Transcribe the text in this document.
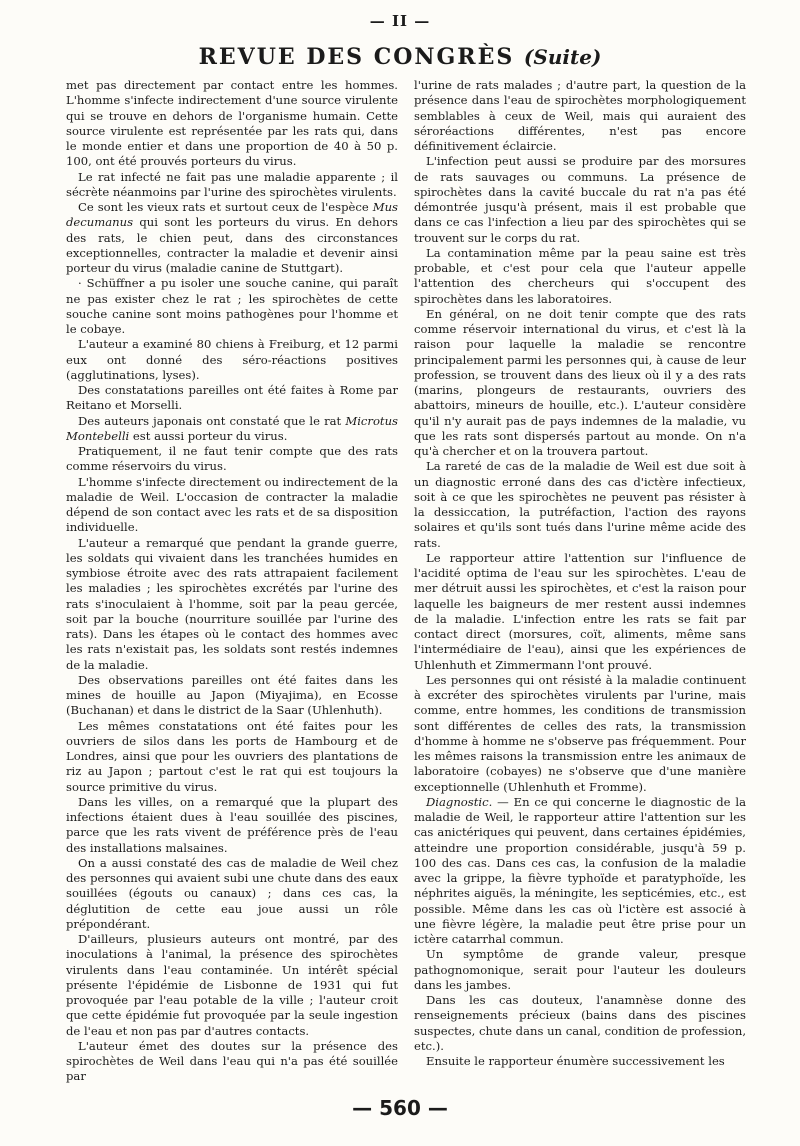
— II —
REVUE DES CONGRÈS (Suite)

met pas directement par contact entre les hommes. L'homme s'infecte indirectement d'une source virulente qui se trouve en dehors de l'organisme humain. Cette source virulente est représentée par les rats qui, dans le monde entier et dans une proportion de 40 à 50 p. 100, ont été prouvés porteurs du virus.

Le rat infecté ne fait pas une maladie apparente ; il sécrète néanmoins par l'urine des spirochètes virulents.

Ce sont les vieux rats et surtout ceux de l'espèce Mus decumanus qui sont les porteurs du virus. En dehors des rats, le chien peut, dans des circonstances exceptionnelles, contracter la maladie et devenir ainsi porteur du virus (maladie canine de Stuttgart).

· Schüffner a pu isoler une souche canine, qui paraît ne pas exister chez le rat ; les spirochètes de cette souche canine sont moins pathogènes pour l'homme et le cobaye.

L'auteur a examiné 80 chiens à Freiburg, et 12 parmi eux ont donné des séro-réactions positives (agglutinations, lyses).

Des constatations pareilles ont été faites à Rome par Reitano et Morselli.

Des auteurs japonais ont constaté que le rat Microtus Montebelli est aussi porteur du virus.

Pratiquement, il ne faut tenir compte que des rats comme réservoirs du virus.

L'homme s'infecte directement ou indirectement de la maladie de Weil. L'occasion de contracter la maladie dépend de son contact avec les rats et de sa disposition individuelle.

L'auteur a remarqué que pendant la grande guerre, les soldats qui vivaient dans les tranchées humides en symbiose étroite avec des rats attrapaient facilement les maladies ; les spirochètes excrétés par l'urine des rats s'inoculaient à l'homme, soit par la peau gercée, soit par la bouche (nourriture souillée par l'urine des rats). Dans les étapes où le contact des hommes avec les rats n'existait pas, les soldats sont restés indemnes de la maladie.

Des observations pareilles ont été faites dans les mines de houille au Japon (Miyajima), en Ecosse (Buchanan) et dans le district de la Saar (Uhlenhuth).

Les mêmes constatations ont été faites pour les ouvriers de silos dans les ports de Hambourg et de Londres, ainsi que pour les ouvriers des plantations de riz au Japon ; partout c'est le rat qui est toujours la source primitive du virus.

Dans les villes, on a remarqué que la plupart des infections étaient dues à l'eau souillée des piscines, parce que les rats vivent de préférence près de l'eau des installations malsaines.

On a aussi constaté des cas de maladie de Weil chez des personnes qui avaient subi une chute dans des eaux souillées (égouts ou canaux) ; dans ces cas, la déglutition de cette eau joue aussi un rôle prépondérant.

D'ailleurs, plusieurs auteurs ont montré, par des inoculations à l'animal, la présence des spirochètes virulents dans l'eau contaminée. Un intérêt spécial présente l'épidémie de Lisbonne de 1931 qui fut provoquée par l'eau potable de la ville ; l'auteur croit que cette épidémie fut provoquée par la seule ingestion de l'eau et non pas par d'autres contacts.

L'auteur émet des doutes sur la présence des spirochètes de Weil dans l'eau qui n'a pas été souillée par

l'urine de rats malades ; d'autre part, la question de la présence dans l'eau de spirochètes morphologiquement semblables à ceux de Weil, mais qui auraient des séroréactions différentes, n'est pas encore définitivement éclaircie.

L'infection peut aussi se produire par des morsures de rats sauvages ou communs. La présence de spirochètes dans la cavité buccale du rat n'a pas été démontrée jusqu'à présent, mais il est probable que dans ce cas l'infection a lieu par des spirochètes qui se trouvent sur le corps du rat.

La contamination même par la peau saine est très probable, et c'est pour cela que l'auteur appelle l'attention des chercheurs qui s'occupent des spirochètes dans les laboratoires.

En général, on ne doit tenir compte que des rats comme réservoir international du virus, et c'est là la raison pour laquelle la maladie se rencontre principalement parmi les personnes qui, à cause de leur profession, se trouvent dans des lieux où il y a des rats (marins, plongeurs de restaurants, ouvriers des abattoirs, mineurs de houille, etc.). L'auteur considère qu'il n'y aurait pas de pays indemnes de la maladie, vu que les rats sont dispersés partout au monde. On n'a qu'à chercher et on la trouvera partout.

La rareté de cas de la maladie de Weil est due soit à un diagnostic erroné dans des cas d'ictère infectieux, soit à ce que les spirochètes ne peuvent pas résister à la dessiccation, la putréfaction, l'action des rayons solaires et qu'ils sont tués dans l'urine même acide des rats.

Le rapporteur attire l'attention sur l'influence de l'acidité optima de l'eau sur les spirochètes. L'eau de mer détruit aussi les spirochètes, et c'est la raison pour laquelle les baigneurs de mer restent aussi indemnes de la maladie. L'infection entre les rats se fait par contact direct (morsures, coït, aliments, même sans l'intermédiaire de l'eau), ainsi que les expériences de Uhlenhuth et Zimmermann l'ont prouvé.

Les personnes qui ont résisté à la maladie continuent à excréter des spirochètes virulents par l'urine, mais comme, entre hommes, les conditions de transmission sont différentes de celles des rats, la transmission d'homme à homme ne s'observe pas fréquemment. Pour les mêmes raisons la transmission entre les animaux de laboratoire (cobayes) ne s'observe que d'une manière exceptionnelle (Uhlenhuth et Fromme).

Diagnostic. — En ce qui concerne le diagnostic de la maladie de Weil, le rapporteur attire l'attention sur les cas anictériques qui peuvent, dans certaines épidémies, atteindre une proportion considérable, jusqu'à 59 p. 100 des cas. Dans ces cas, la confusion de la maladie avec la grippe, la fièvre typhoïde et paratyphoïde, les néphrites aiguës, la méningite, les septicémies, etc., est possible. Même dans les cas où l'ictère est associé à une fièvre légère, la maladie peut être prise pour un ictère catarrhal commun.

Un symptôme de grande valeur, presque pathognomonique, serait pour l'auteur les douleurs dans les jambes.

Dans les cas douteux, l'anamnèse donne des renseignements précieux (bains dans des piscines suspectes, chute dans un canal, condition de profession, etc.).

Ensuite le rapporteur énumère successivement les

— 560 —
